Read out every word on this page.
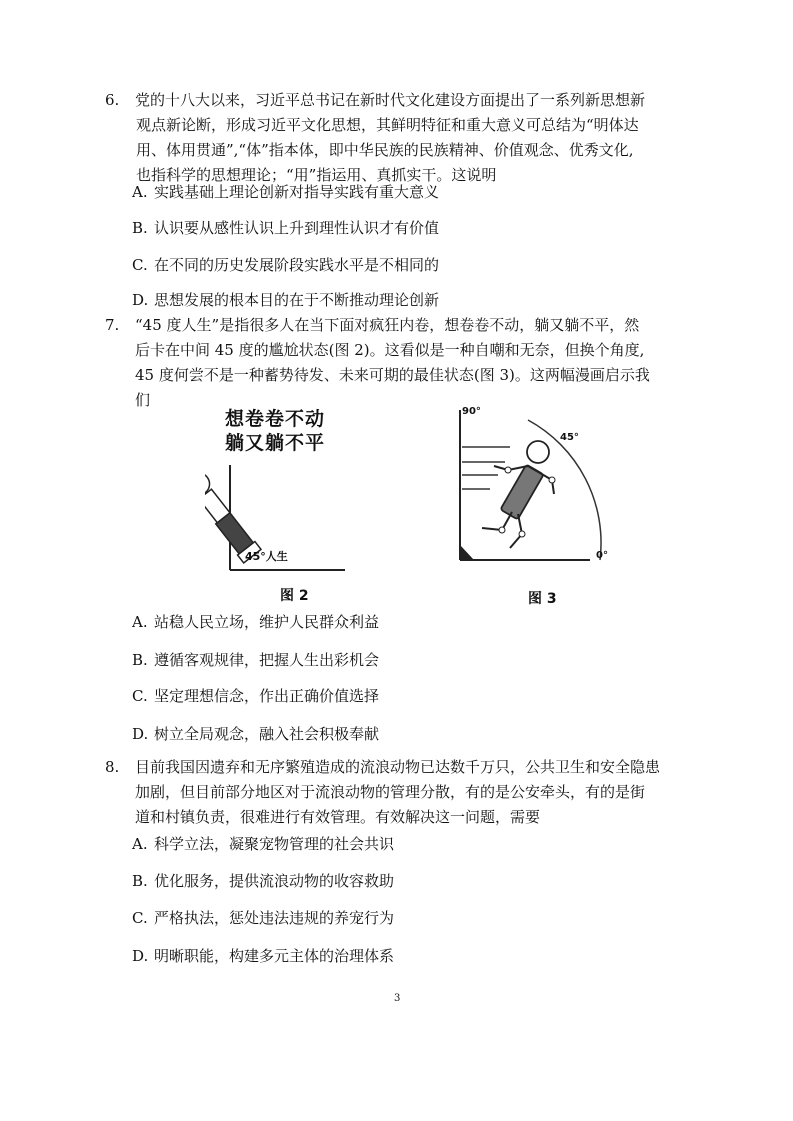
6. 党的十八大以来，习近平总书记在新时代文化建设方面提出了一系列新思想新
观点新论断，形成习近平文化思想，其鲜明特征和重大意义可总结为“明体达
用、体用贯通”,“体”指本体，即中华民族的民族精神、价值观念、优秀文化,
也指科学的思想理论；“用”指运用、真抓实干。这说明
A. 实践基础上理论创新对指导实践有重大意义
B. 认识要从感性认识上升到理性认识才有价值
C. 在不同的历史发展阶段实践水平是不相同的
D. 思想发展的根本目的在于不断推动理论创新
7. “45 度人生”是指很多人在当下面对疯狂内卷，想卷卷不动，躺又躺不平，然
后卡在中间 45 度的尴尬状态(图 2)。这看似是一种自嘲和无奈，但换个角度,
45 度何尝不是一种蓄势待发、未来可期的最佳状态(图 3)。这两幅漫画启示我
们
想卷卷不动
躺又躺不平
45°人生
图 2
90°
45°
0°
图 3
A. 站稳人民立场，维护人民群众利益
B. 遵循客观规律，把握人生出彩机会
C. 坚定理想信念，作出正确价值选择
D. 树立全局观念，融入社会积极奉献
8. 目前我国因遗弃和无序繁殖造成的流浪动物已达数千万只，公共卫生和安全隐患
加剧，但目前部分地区对于流浪动物的管理分散，有的是公安牵头，有的是街
道和村镇负责，很难进行有效管理。有效解决这一问题，需要
A. 科学立法，凝聚宠物管理的社会共识
B. 优化服务，提供流浪动物的收容救助
C. 严格执法，惩处违法违规的养宠行为
D. 明晰职能，构建多元主体的治理体系
3
